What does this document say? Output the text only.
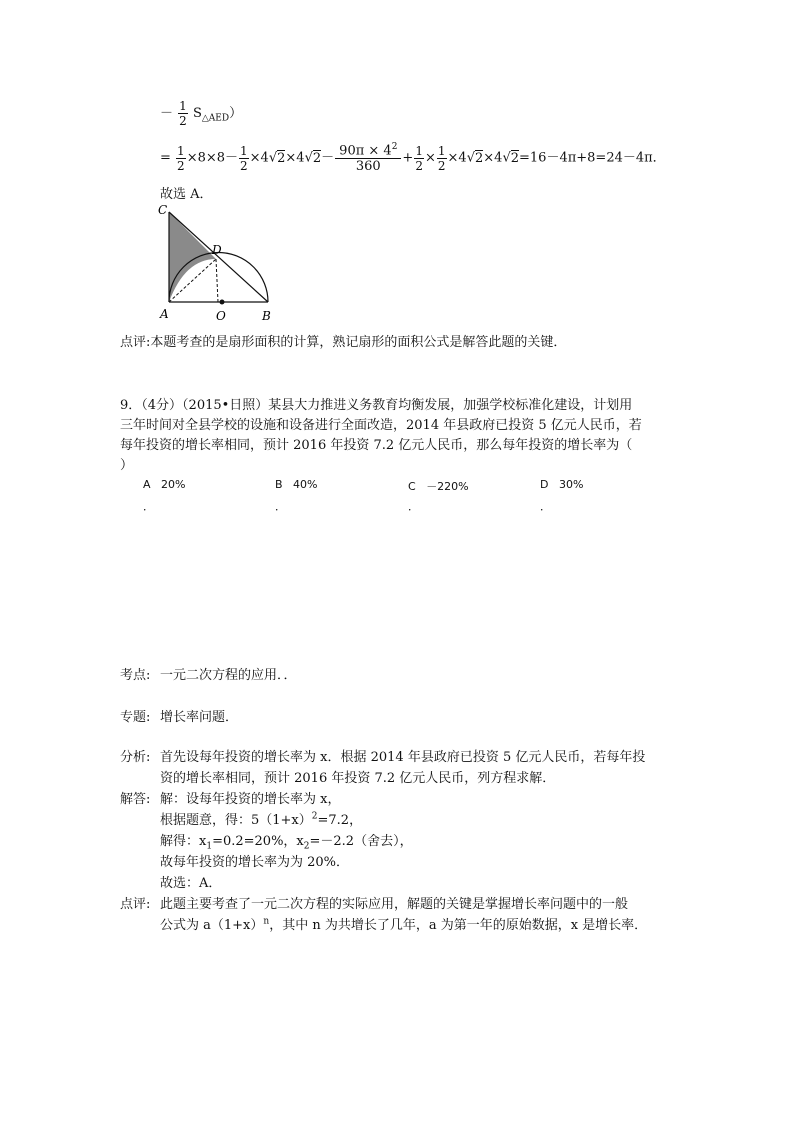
－ $\frac{1}{2} S_{\triangle AED}$）
= $\frac{1}{2} \times 8\times 8- \frac{1}{2} \times 4√2\times 4√2- \frac{90\pi \times 4^2}{360} + \frac{1}{2} \times \frac{1}{2} \times 4√2\times 4√2=16-4\pi+8=24-4\pi$．
故选 A．
C
D
A	O	B
点评:本题考查的是扇形面积的计算，熟记扇形的面积公式是解答此题的关键．
9．（4分）（2015•日照）某县大力推进义务教育均衡发展，加强学校标准化建设，计划用
三年时间对全县学校的设施和设备进行全面改造，2014 年县政府已投资 5 亿元人民币，若
每年投资的增长率相同，预计 2016 年投资 7.2 亿元人民币，那么每年投资的增长率为（
）
A 20%
．
B 40%
．
C －220%
．
D 30%
．
考点: 一元二次方程的应用．．
专题: 增长率问题．
分析: 首先设每年投资的增长率为 x．根据 2014 年县政府已投资 5 亿元人民币，若每年投
资的增长率相同，预计 2016 年投资 7.2 亿元人民币，列方程求解．
解答: 解：设每年投资的增长率为 x，
根据题意，得：$5(1+x)^2=7.2$，
解得：$x_1=0.2=20\%$，$x_2=-2.2$（舍去），
故每年投资的增长率为为 20%．
故选：A．
点评: 此题主要考查了一元二次方程的实际应用，解题的关键是掌握增长率问题中的一般
公式为 $a(1+x)^n$，其中 n 为共增长了几年，a 为第一年的原始数据，x 是增长率．
